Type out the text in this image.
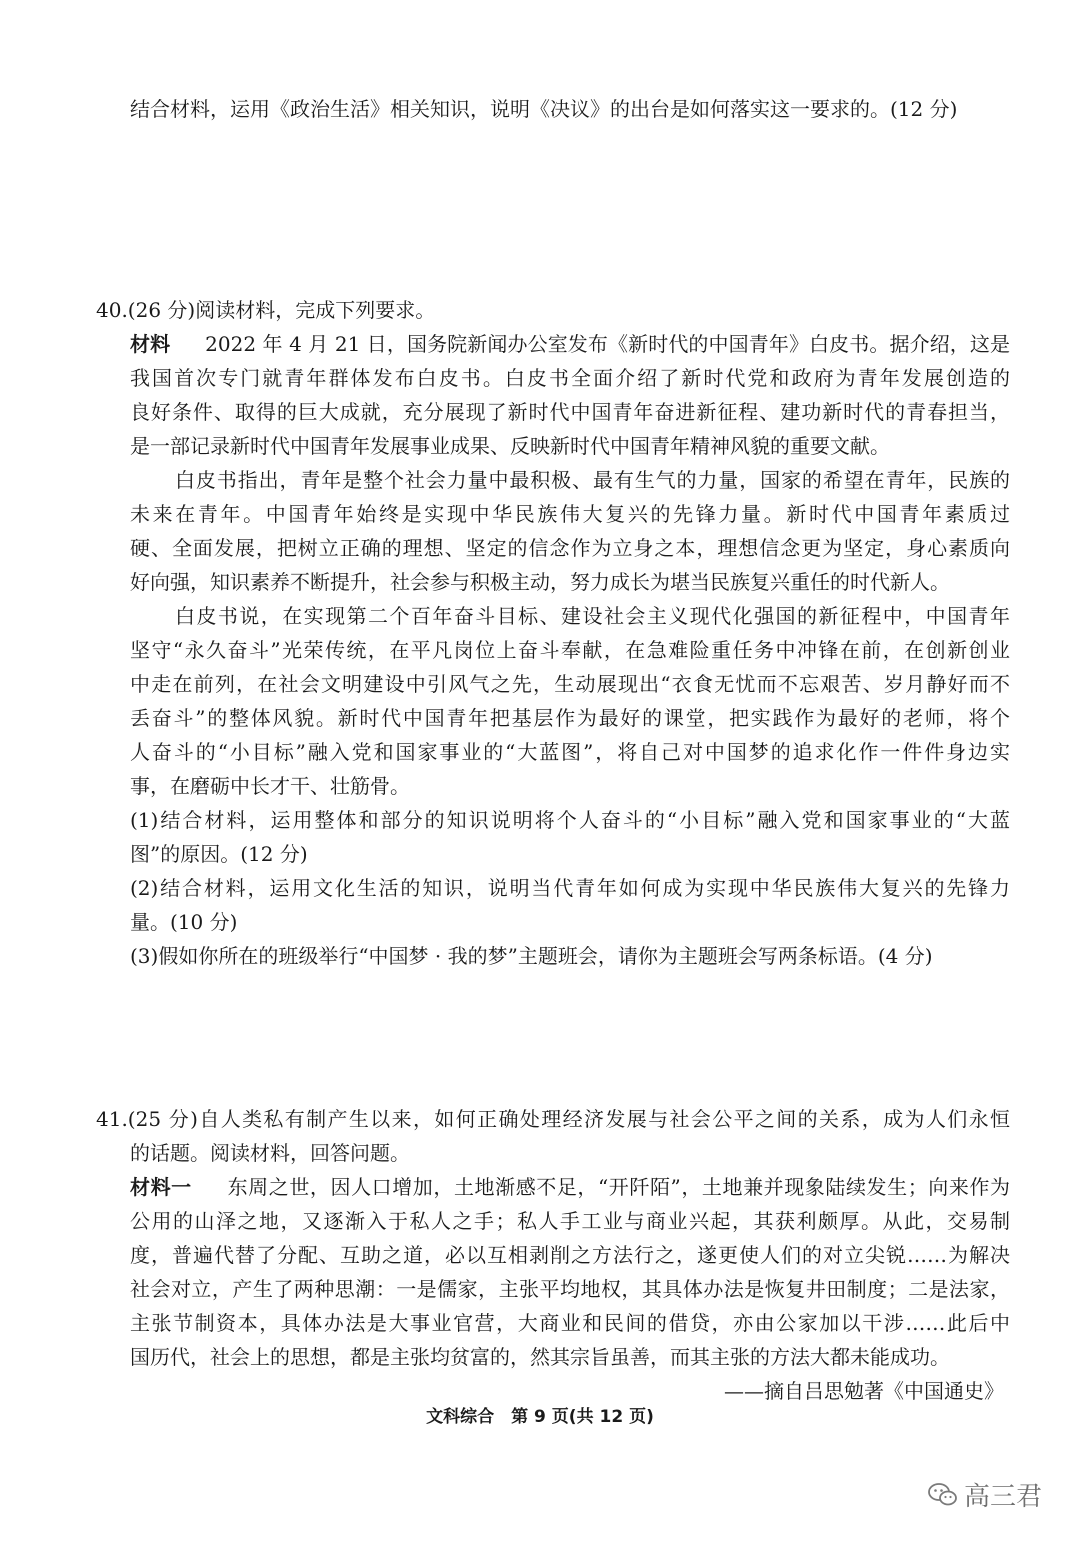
结合材料，运用《政治生活》相关知识，说明《决议》的出台是如何落实这一要求的。(12 分)
40.(26 分)阅读材料，完成下列要求。
材料 2022 年 4 月 21 日，国务院新闻办公室发布《新时代的中国青年》白皮书。据介绍，这是
我国首次专门就青年群体发布白皮书。白皮书全面介绍了新时代党和政府为青年发展创造的
良好条件、取得的巨大成就，充分展现了新时代中国青年奋进新征程、建功新时代的青春担当，
是一部记录新时代中国青年发展事业成果、反映新时代中国青年精神风貌的重要文献。
白皮书指出，青年是整个社会力量中最积极、最有生气的力量，国家的希望在青年，民族的
未来在青年。中国青年始终是实现中华民族伟大复兴的先锋力量。新时代中国青年素质过
硬、全面发展，把树立正确的理想、坚定的信念作为立身之本，理想信念更为坚定，身心素质向
好向强，知识素养不断提升，社会参与积极主动，努力成长为堪当民族复兴重任的时代新人。
白皮书说，在实现第二个百年奋斗目标、建设社会主义现代化强国的新征程中，中国青年
坚守“永久奋斗”光荣传统，在平凡岗位上奋斗奉献，在急难险重任务中冲锋在前，在创新创业
中走在前列，在社会文明建设中引风气之先，生动展现出“衣食无忧而不忘艰苦、岁月静好而不
丢奋斗”的整体风貌。新时代中国青年把基层作为最好的课堂，把实践作为最好的老师，将个
人奋斗的“小目标”融入党和国家事业的“大蓝图”，将自己对中国梦的追求化作一件件身边实
事，在磨砺中长才干、壮筋骨。
(1)结合材料，运用整体和部分的知识说明将个人奋斗的“小目标”融入党和国家事业的“大蓝
图”的原因。(12 分)
(2)结合材料，运用文化生活的知识，说明当代青年如何成为实现中华民族伟大复兴的先锋力
量。(10 分)
(3)假如你所在的班级举行“中国梦 · 我的梦”主题班会，请你为主题班会写两条标语。(4 分)
41.(25 分)自人类私有制产生以来，如何正确处理经济发展与社会公平之间的关系，成为人们永恒
的话题。阅读材料，回答问题。
材料一 东周之世，因人口增加，土地渐感不足，“开阡陌”，土地兼并现象陆续发生；向来作为
公用的山泽之地，又逐渐入于私人之手；私人手工业与商业兴起，其获利颇厚。从此，交易制
度，普遍代替了分配、互助之道，必以互相剥削之方法行之，遂更使人们的对立尖锐……为解决
社会对立，产生了两种思潮：一是儒家，主张平均地权，其具体办法是恢复井田制度；二是法家，
主张节制资本，具体办法是大事业官营，大商业和民间的借贷，亦由公家加以干涉……此后中
国历代，社会上的思想，都是主张均贫富的，然其宗旨虽善，而其主张的方法大都未能成功。
——摘自吕思勉著《中国通史》
文科综合　第 9 页(共 12 页)
高三君
